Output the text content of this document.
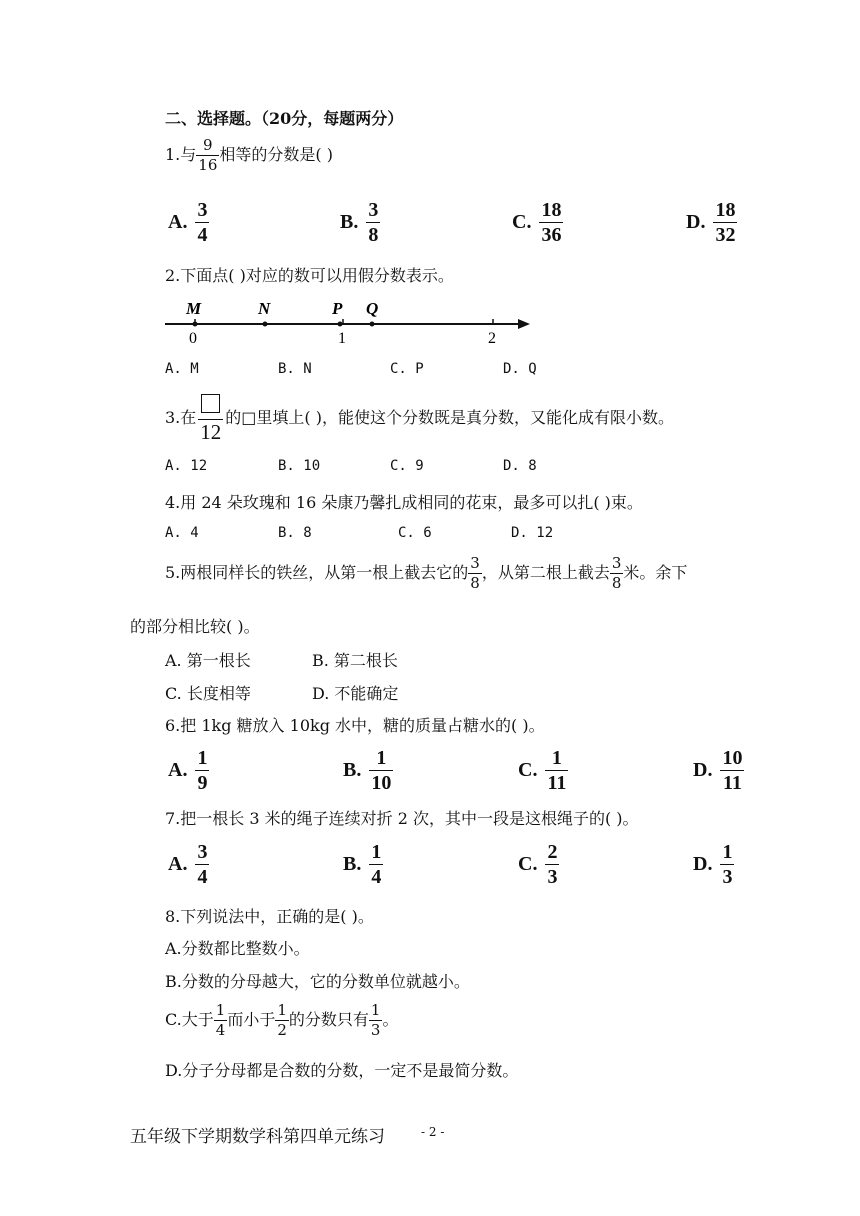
二、选择题。（20分，每题两分）
1.与 $\frac{9}{16}$ 相等的分数是( )
A. $\frac{3}{4}$	B. $\frac{3}{8}$	C. $\frac{18}{36}$	D. $\frac{18}{32}$
2.下面点( )对应的数可以用假分数表示。
M	N	P Q
0	1	2
A. M	B. N	C. P	D. Q
3.在
12
的□里填上( )，能使这个分数既是真分数，又能化成有限小数。
A. 12	B. 10	C. 9	D. 8
4.用 24 朵玫瑰和 16 朵康乃馨扎成相同的花束，最多可以扎( )束。
A. 4	B. 8	C. 6	D. 12
5.两根同样长的铁丝，从第一根上截去它的 $\frac{3}{8}$ ，从第二根上截去 $\frac{3}{8}$ 米。余下
的部分相比较( )。
A. 第一根长	B. 第二根长
C. 长度相等	D. 不能确定
6.把 1kg 糖放入 10kg 水中，糖的质量占糖水的( )。
A. $\frac{1}{9}$	B. $\frac{1}{10}$	C. $\frac{1}{11}$	D. $\frac{10}{11}$
7.把一根长 3 米的绳子连续对折 2 次，其中一段是这根绳子的( )。
A. $\frac{3}{4}$	B. $\frac{1}{4}$	C. $\frac{2}{3}$	D. $\frac{1}{3}$
8.下列说法中，正确的是( )。
A.分数都比整数小。
B.分数的分母越大，它的分数单位就越小。
C.大于 $\frac{1}{4}$ 而小于 $\frac{1}{2}$ 的分数只有 $\frac{1}{3}$ 。
D.分子分母都是合数的分数，一定不是最简分数。
五年级下学期数学科第四单元练习	- 2 -
